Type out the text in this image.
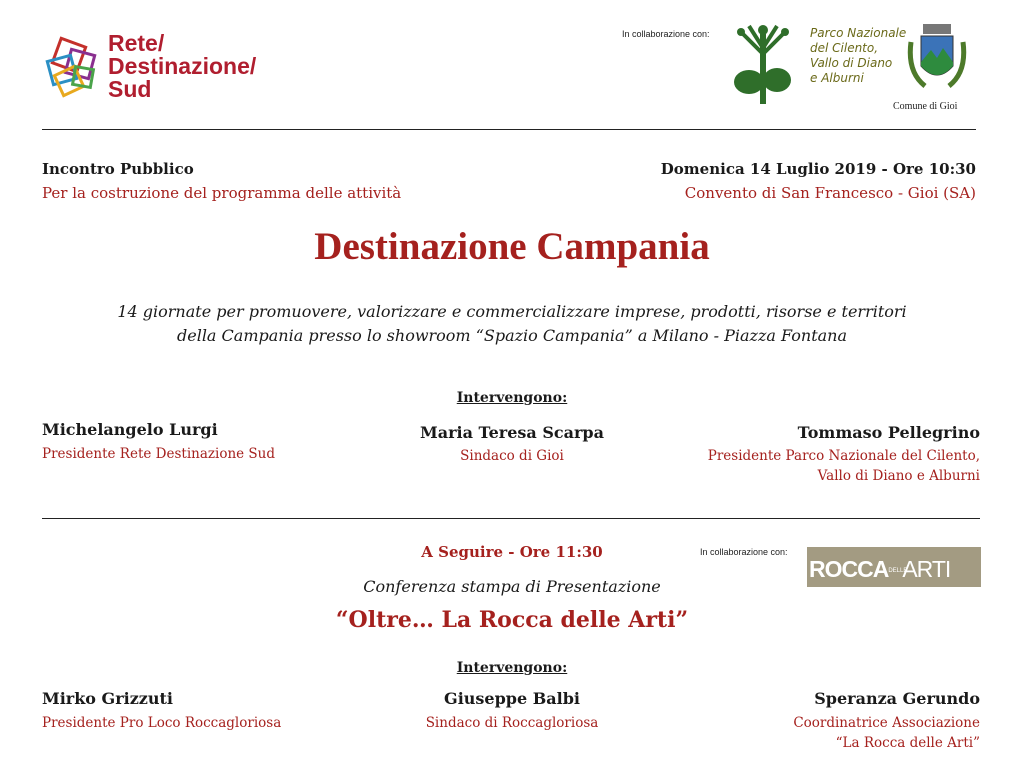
Rete/
Destinazione/
Sud
In collaborazione con:	Parco Nazionale
del Cilento,
Vallo di Diano
e Alburni
Comune di Gioi
Incontro Pubblico
Per la costruzione del programma delle attività
Domenica 14 Luglio 2019 - Ore 10:30
Convento di San Francesco - Gioi (SA)
Destinazione Campania
14 giornate per promuovere, valorizzare e commercializzare imprese, prodotti, risorse e territori
della Campania presso lo showroom “Spazio Campania” a Milano - Piazza Fontana
Intervengono:
Michelangelo Lurgi
Presidente Rete Destinazione Sud
Maria Teresa Scarpa
Sindaco di Gioi
Tommaso Pellegrino
Presidente Parco Nazionale del Cilento,
Vallo di Diano e Alburni
A Seguire - Ore 11:30
Conferenza stampa di Presentazione
“Oltre… La Rocca delle Arti”
In collaborazione con:
ROCCADELLEARTI
Intervengono:
Mirko Grizzuti
Presidente Pro Loco Roccagloriosa
Giuseppe Balbi
Sindaco di Roccagloriosa
Speranza Gerundo
Coordinatrice Associazione
“La Rocca delle Arti”
